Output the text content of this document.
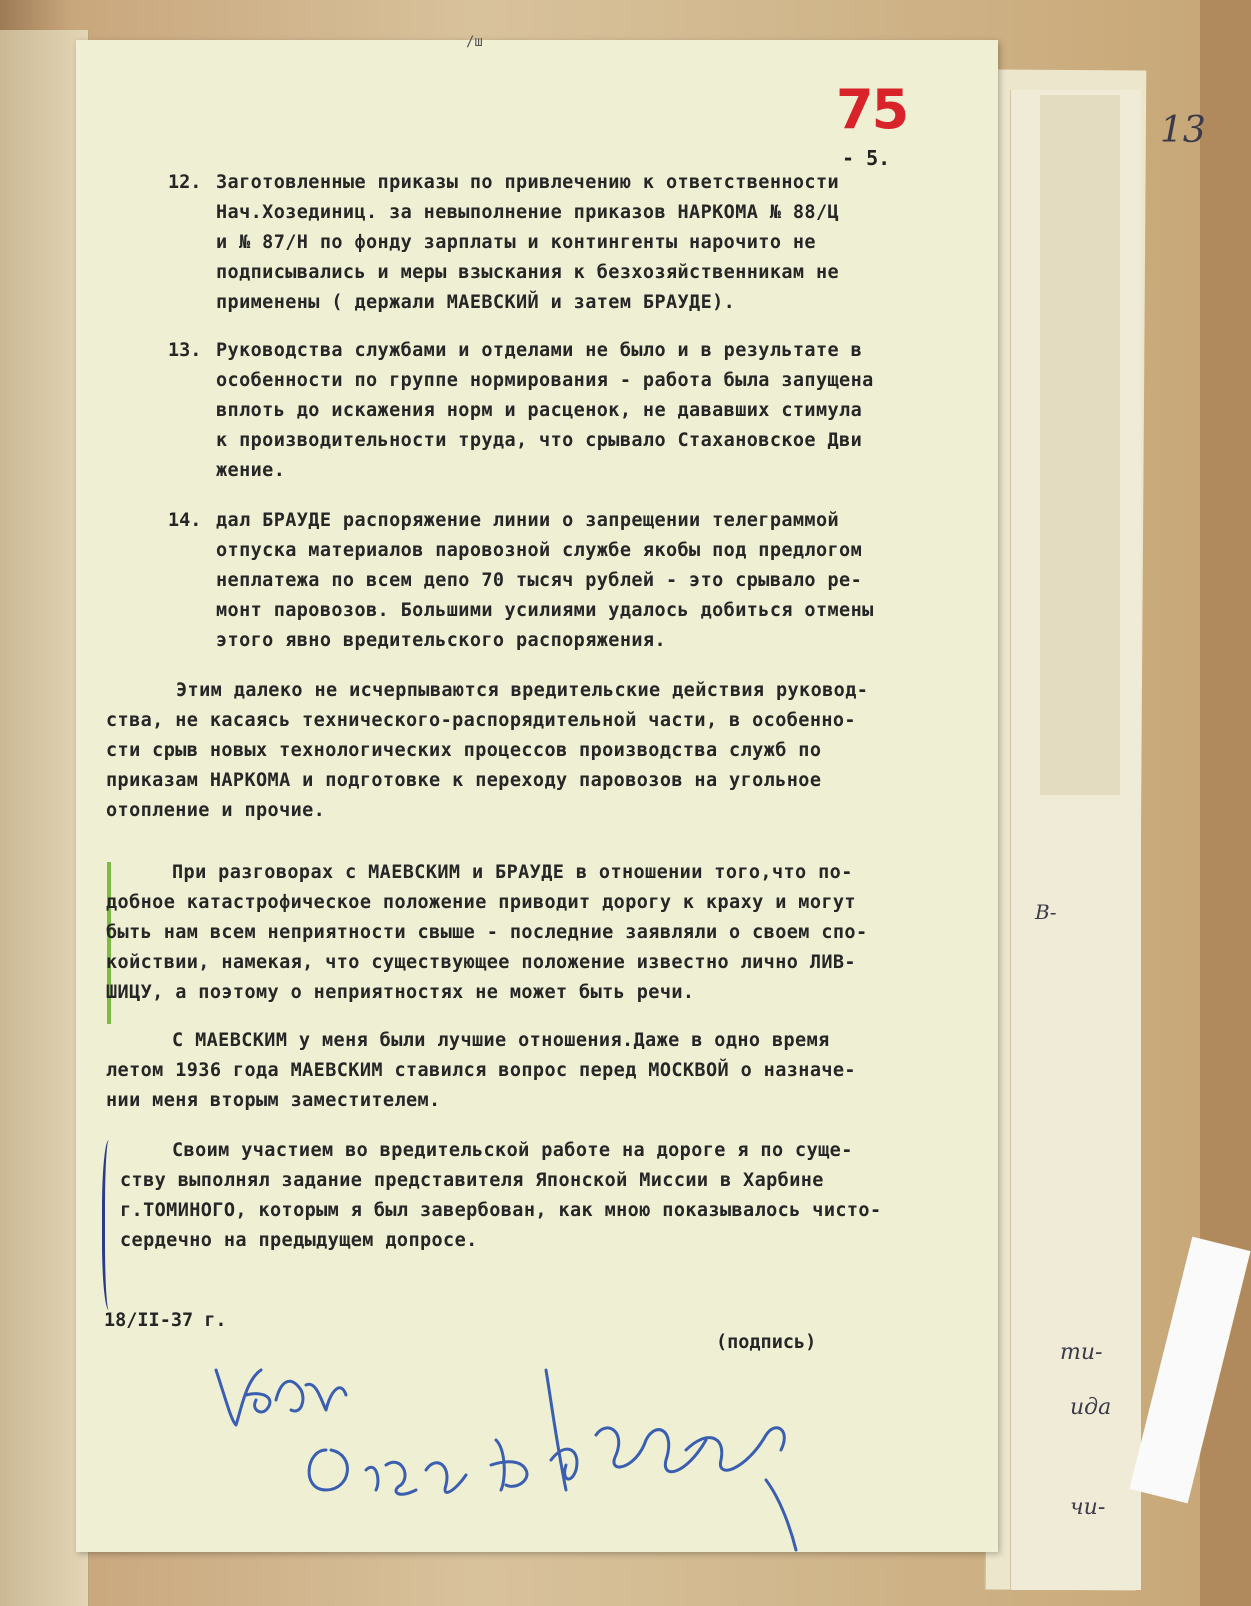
13
В-
ти-
ида
чи-
/ш
75
- 5.
12. Заготовленные приказы по привлечению к ответственности
Нач.Хозединиц. за невыполнение приказов НАРКОМА № 88/Ц
и № 87/Н по фонду зарплаты и контингенты нарочито не
подписывались и меры взыскания к безхозяйственникам не
применены ( держали МАЕВСКИЙ и затем БРАУДЕ).
13. Руководства службами и отделами не было и в результате в
особенности по группе нормирования - работа была запущена
вплоть до искажения норм и расценок, не дававших стимула
к производительности труда, что срывало Стахановское Дви
жение.
14. дал БРАУДЕ распоряжение линии о запрещении телеграммой
отпуска материалов паровозной службе якобы под предлогом
неплатежа по всем депо 70 тысяч рублей - это срывало ре-
монт паровозов. Большими усилиями удалось добиться отмены
этого явно вредительского распоряжения.
Этим далеко не исчерпываются вредительские действия руковод-
ства, не касаясь технического-распорядительной части, в особенно-
сти срыв новых технологических процессов производства служб по
приказам НАРКОМА и подготовке к переходу паровозов на угольное
отопление и прочие.
При разговорах с МАЕВСКИМ и БРАУДЕ в отношении того,что по-
добное катастрофическое положение приводит дорогу к краху и могут
быть нам всем неприятности свыше - последние заявляли о своем спо-
койствии, намекая, что существующее положение известно лично ЛИВ-
ШИЦУ, а поэтому о неприятностях не может быть речи.
С МАЕВСКИМ у меня были лучшие отношения.Даже в одно время
летом 1936 года МАЕВСКИМ ставился вопрос перед МОСКВОЙ о назначе-
нии меня вторым заместителем.
Своим участием во вредительской работе на дороге я по суще-
ству выполнял задание представителя Японской Миссии в Харбине
г.ТОМИНОГО, которым я был завербован, как мною показывалось чисто-
сердечно на предыдущем допросе.
18/II-37 г.
(подпись)
